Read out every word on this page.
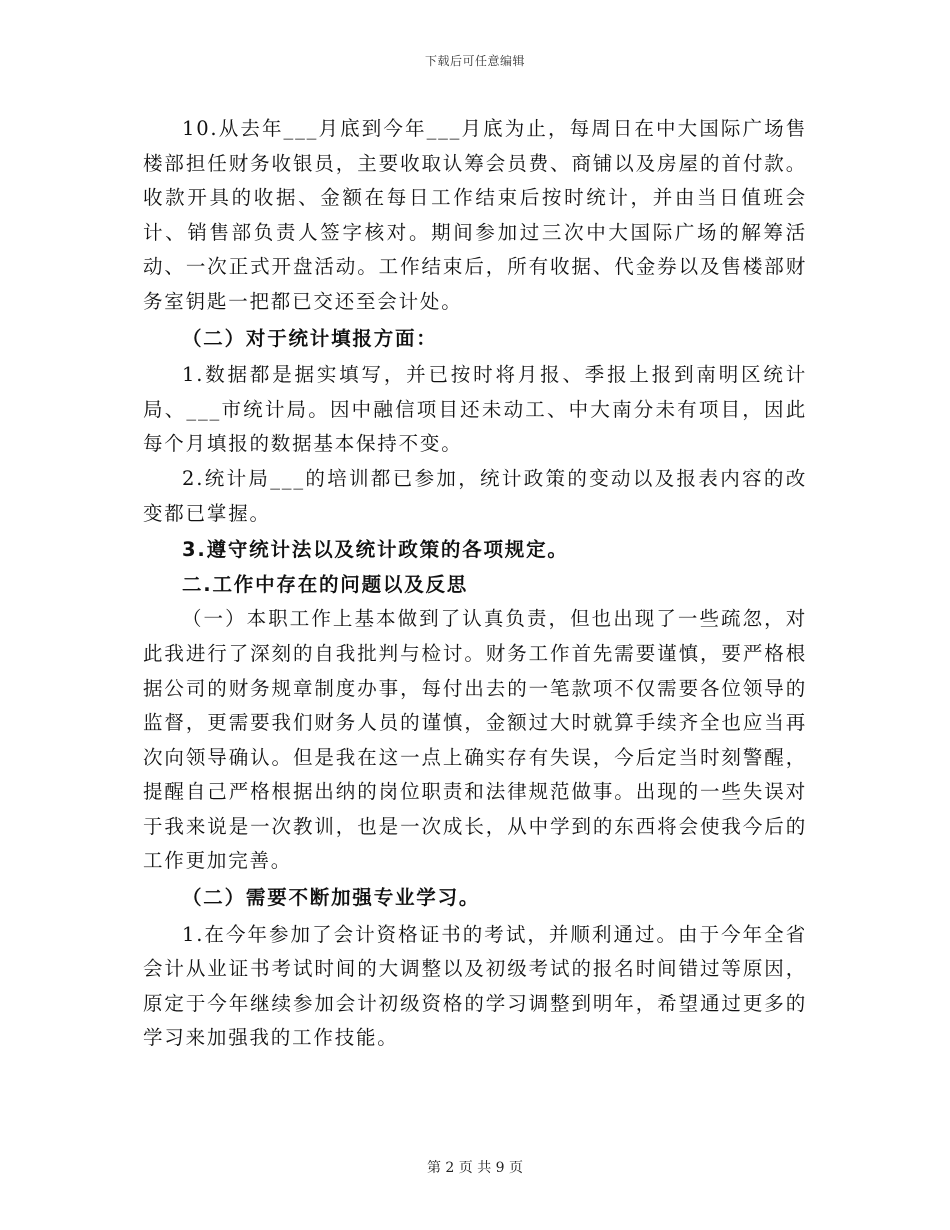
下载后可任意编辑

10.从去年___月底到今年___月底为止，每周日在中大国际广场售楼部担任财务收银员，主要收取认筹会员费、商铺以及房屋的首付款。收款开具的收据、金额在每日工作结束后按时统计，并由当日值班会计、销售部负责人签字核对。期间参加过三次中大国际广场的解筹活动、一次正式开盘活动。工作结束后，所有收据、代金券以及售楼部财务室钥匙一把都已交还至会计处。

（二）对于统计填报方面：

1.数据都是据实填写，并已按时将月报、季报上报到南明区统计局、___市统计局。因中融信项目还未动工、中大南分未有项目，因此每个月填报的数据基本保持不变。

2.统计局___的培训都已参加，统计政策的变动以及报表内容的改变都已掌握。

3.遵守统计法以及统计政策的各项规定。

二.工作中存在的问题以及反思

（一）本职工作上基本做到了认真负责，但也出现了一些疏忽，对此我进行了深刻的自我批判与检讨。财务工作首先需要谨慎，要严格根据公司的财务规章制度办事，每付出去的一笔款项不仅需要各位领导的监督，更需要我们财务人员的谨慎，金额过大时就算手续齐全也应当再次向领导确认。但是我在这一点上确实存有失误，今后定当时刻警醒，提醒自己严格根据出纳的岗位职责和法律规范做事。出现的一些失误对于我来说是一次教训，也是一次成长，从中学到的东西将会使我今后的工作更加完善。

（二）需要不断加强专业学习。

1.在今年参加了会计资格证书的考试，并顺利通过。由于今年全省会计从业证书考试时间的大调整以及初级考试的报名时间错过等原因，原定于今年继续参加会计初级资格的学习调整到明年，希望通过更多的学习来加强我的工作技能。

第 2 页 共 9 页
